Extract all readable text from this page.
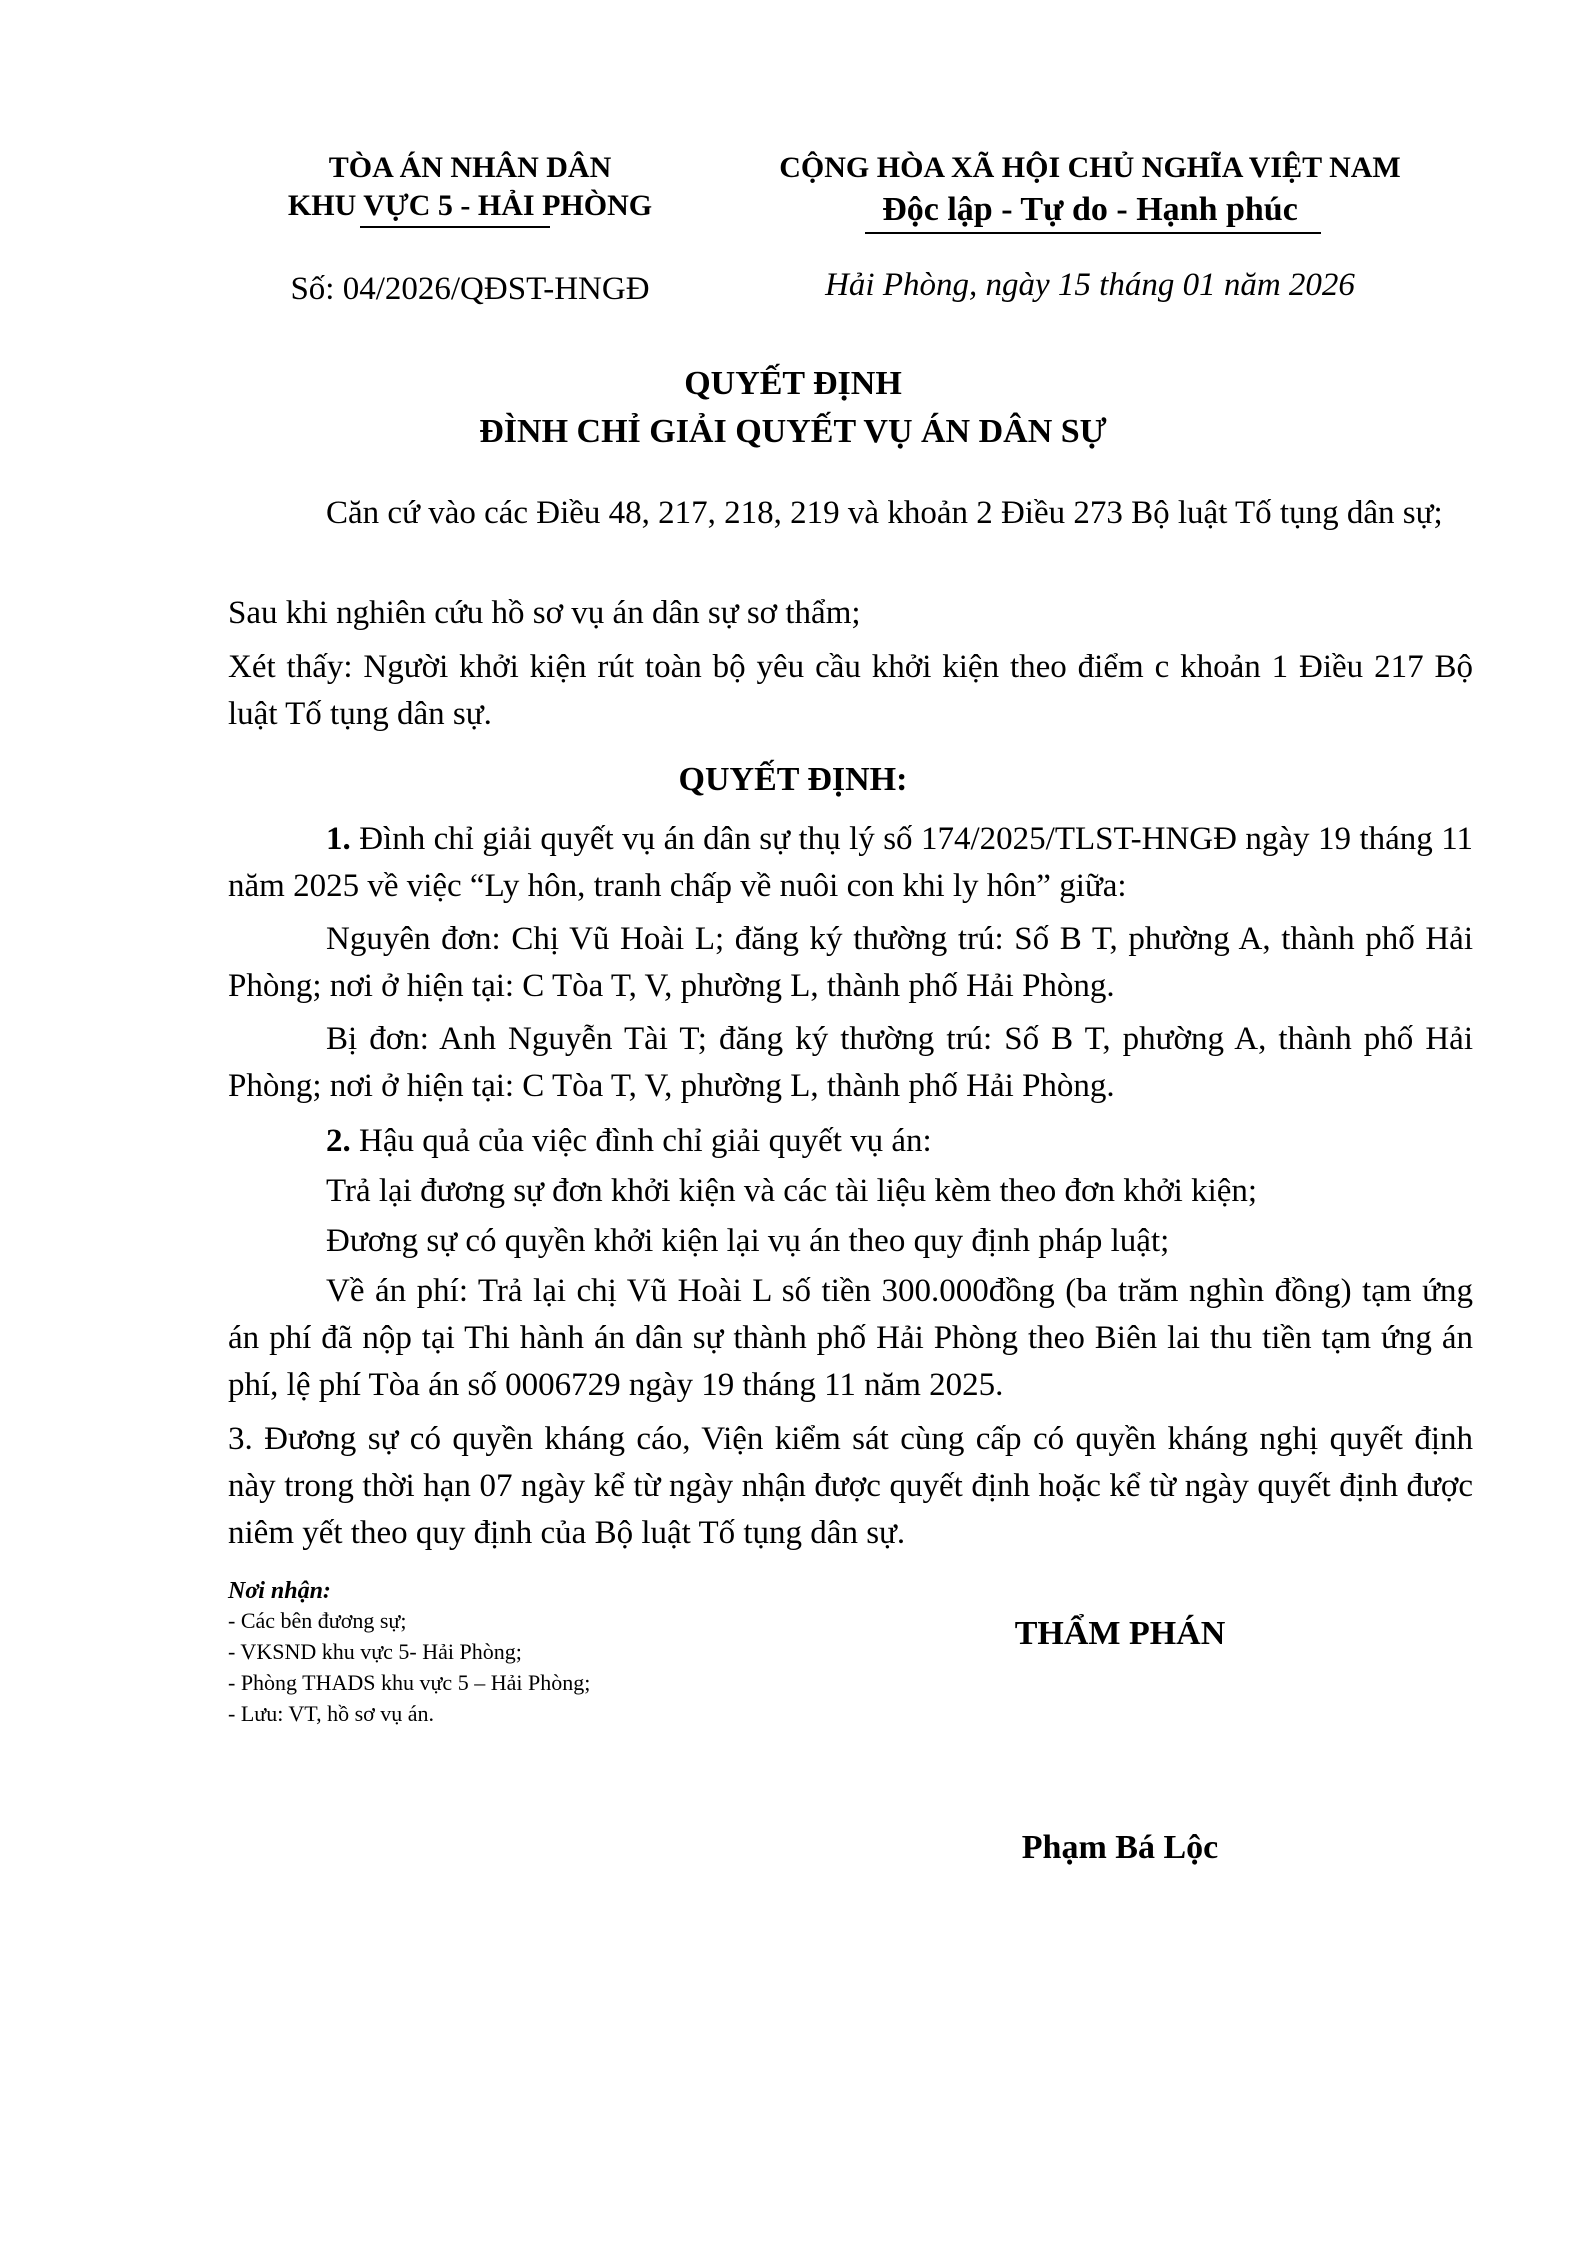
TÒA ÁN NHÂN DÂN
KHU VỰC 5 - HẢI PHÒNG
CỘNG HÒA XÃ HỘI CHỦ NGHĨA VIỆT NAM
Độc lập - Tự do - Hạnh phúc
Số: 04/2026/QĐST-HNGĐ	Hải Phòng, ngày 15 tháng 01 năm 2026
QUYẾT ĐỊNH
ĐÌNH CHỈ GIẢI QUYẾT VỤ ÁN DÂN SỰ
Căn cứ vào các Điều 48, 217, 218, 219 và khoản 2 Điều 273 Bộ luật Tố tụng dân sự;
Sau khi nghiên cứu hồ sơ vụ án dân sự sơ thẩm;
Xét thấy: Người khởi kiện rút toàn bộ yêu cầu khởi kiện theo điểm c khoản 1 Điều 217 Bộ luật Tố tụng dân sự.
QUYẾT ĐỊNH:
1. Đình chỉ giải quyết vụ án dân sự thụ lý số 174/2025/TLST-HNGĐ ngày 19 tháng 11 năm 2025 về việc “Ly hôn, tranh chấp về nuôi con khi ly hôn” giữa:
Nguyên đơn: Chị Vũ Hoài L; đăng ký thường trú: Số B T, phường A, thành phố Hải Phòng; nơi ở hiện tại: C Tòa T, V, phường L, thành phố Hải Phòng.
Bị đơn: Anh Nguyễn Tài T; đăng ký thường trú: Số B T, phường A, thành phố Hải Phòng; nơi ở hiện tại: C Tòa T, V, phường L, thành phố Hải Phòng.
2. Hậu quả của việc đình chỉ giải quyết vụ án:
Trả lại đương sự đơn khởi kiện và các tài liệu kèm theo đơn khởi kiện;
Đương sự có quyền khởi kiện lại vụ án theo quy định pháp luật;
Về án phí: Trả lại chị Vũ Hoài L số tiền 300.000đồng (ba trăm nghìn đồng) tạm ứng án phí đã nộp tại Thi hành án dân sự thành phố Hải Phòng theo Biên lai thu tiền tạm ứng án phí, lệ phí Tòa án số 0006729 ngày 19 tháng 11 năm 2025.
3. Đương sự có quyền kháng cáo, Viện kiểm sát cùng cấp có quyền kháng nghị quyết định này trong thời hạn 07 ngày kể từ ngày nhận được quyết định hoặc kể từ ngày quyết định được niêm yết theo quy định của Bộ luật Tố tụng dân sự.
Nơi nhận:
- Các bên đương sự;
- VKSND khu vực 5- Hải Phòng;
- Phòng THADS khu vực 5 – Hải Phòng;
- Lưu: VT, hồ sơ vụ án.
THẨM PHÁN
Phạm Bá Lộc
